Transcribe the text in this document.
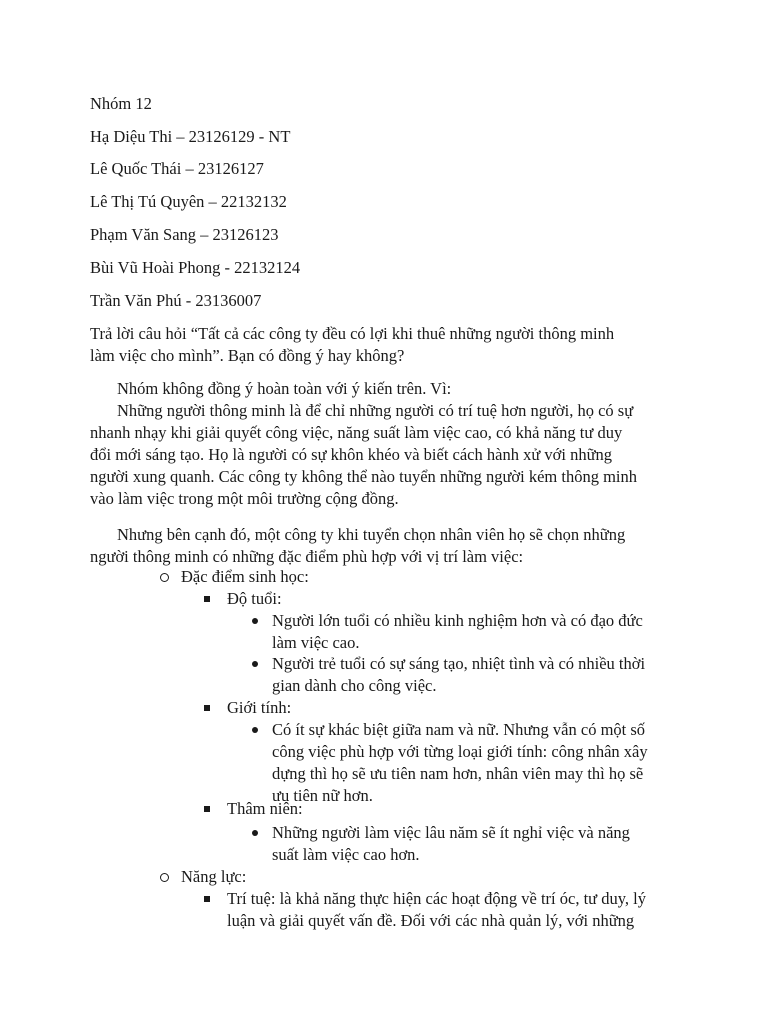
Nhóm 12
Hạ Diệu Thi – 23126129 - NT
Lê Quốc Thái – 23126127
Lê Thị Tú Quyên – 22132132
Phạm Văn Sang – 23126123
Bùi Vũ Hoài Phong - 22132124
Trần Văn Phú - 23136007
Trả lời câu hỏi “Tất cả các công ty đều có lợi khi thuê những người thông minh
làm việc cho mình”. Bạn có đồng ý hay không?
Nhóm không đồng ý hoàn toàn với ý kiến trên. Vì:
Những người thông minh là để chỉ những người có trí tuệ hơn người, họ có sự
nhanh nhạy khi giải quyết công việc, năng suất làm việc cao, có khả năng tư duy
đổi mới sáng tạo. Họ là người có sự khôn khéo và biết cách hành xử với những
người xung quanh. Các công ty không thể nào tuyển những người kém thông minh
vào làm việc trong một môi trường cộng đồng.
Nhưng bên cạnh đó, một công ty khi tuyển chọn nhân viên họ sẽ chọn những
người thông minh có những đặc điểm phù hợp với vị trí làm việc:
Đặc điểm sinh học:
Độ tuổi:
Người lớn tuổi có nhiều kinh nghiệm hơn và có đạo đức
làm việc cao.
Người trẻ tuổi có sự sáng tạo, nhiệt tình và có nhiều thời
gian dành cho công việc.
Giới tính:
Có ít sự khác biệt giữa nam và nữ. Nhưng vẫn có một số
công việc phù hợp với từng loại giới tính: công nhân xây
dựng thì họ sẽ ưu tiên nam hơn, nhân viên may thì họ sẽ
ưu tiên nữ hơn.
Thâm niên:
Những người làm việc lâu năm sẽ ít nghỉ việc và năng
suất làm việc cao hơn.
Năng lực:
Trí tuệ: là khả năng thực hiện các hoạt động về trí óc, tư duy, lý
luận và giải quyết vấn đề. Đối với các nhà quản lý, với những
